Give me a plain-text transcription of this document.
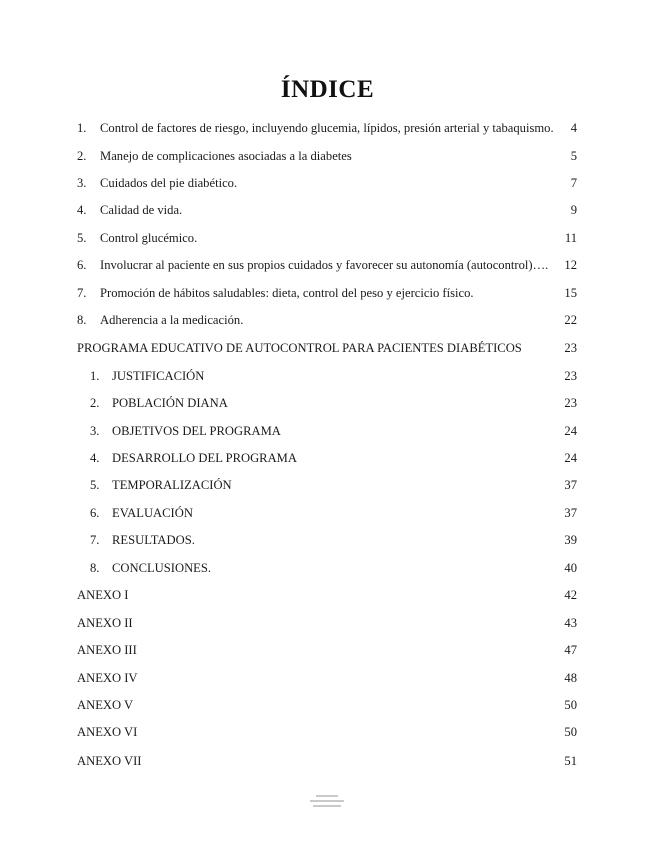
ÍNDICE
1. Control de factores de riesgo, incluyendo glucemia, lípidos, presión arterial y tabaquismo. 4
2. Manejo de complicaciones asociadas a la diabetes	5
3. Cuidados del pie diabético.	7
4. Calidad de vida.	9
5. Control glucémico.	11
6. Involucrar al paciente en sus propios cuidados y favorecer su autonomía (autocontrol)…. 12
7. Promoción de hábitos saludables: dieta, control del peso y ejercicio físico.	15
8. Adherencia a la medicación.	22
PROGRAMA EDUCATIVO DE AUTOCONTROL PARA PACIENTES DIABÉTICOS	23
1. JUSTIFICACIÓN	23
2. POBLACIÓN DIANA	23
3. OBJETIVOS DEL PROGRAMA	24
4. DESARROLLO DEL PROGRAMA	24
5. TEMPORALIZACIÓN	37
6. EVALUACIÓN	37
7. RESULTADOS.	39
8. CONCLUSIONES.	40
ANEXO I	42
ANEXO II	43
ANEXO III	47
ANEXO IV	48
ANEXO V	50
ANEXO VI	50
ANEXO VII	51
